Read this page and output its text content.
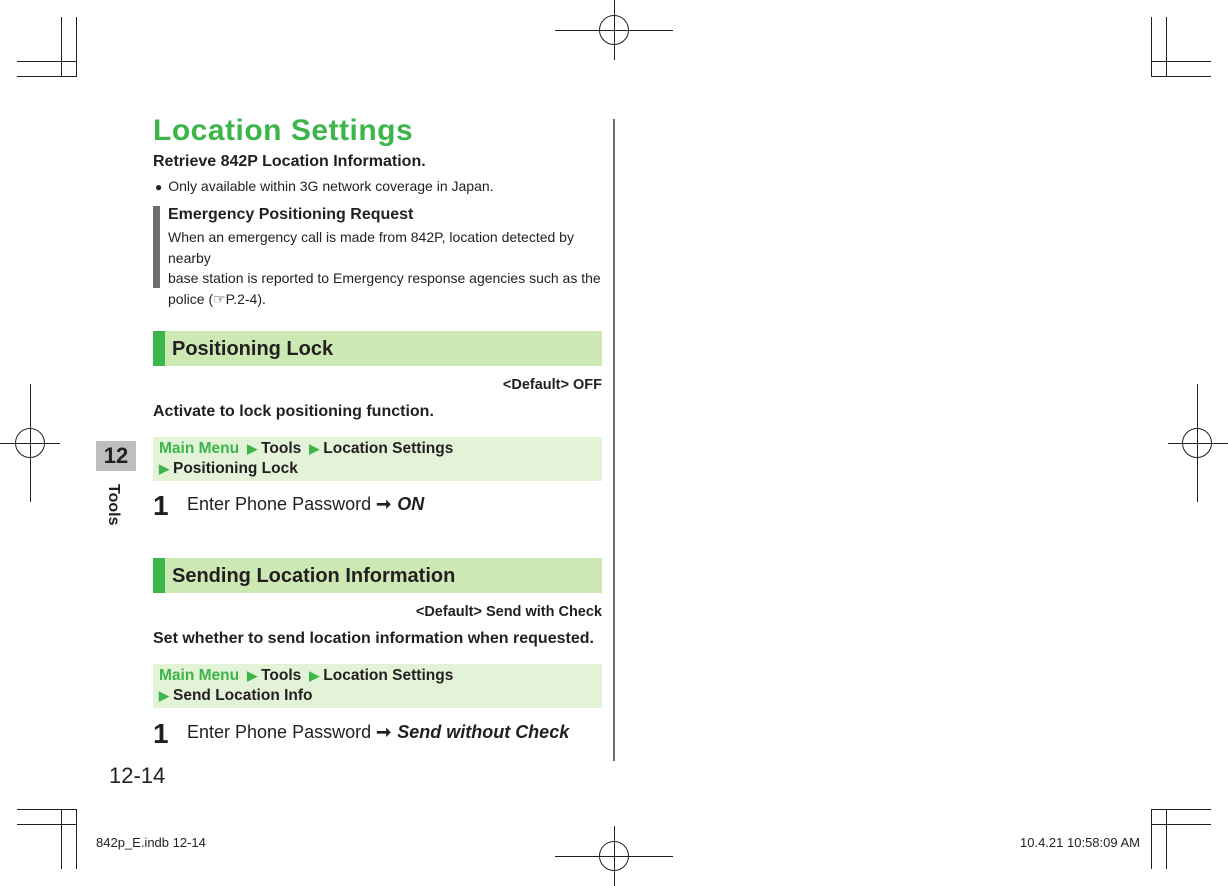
12
Tools
Location Settings
Retrieve 842P Location Information.
● Only available within 3G network coverage in Japan.
Emergency Positioning Request
When an emergency call is made from 842P, location detected by nearby
base station is reported to Emergency response agencies such as the
police (☞P.2-4).
Positioning Lock
<Default> OFF
Activate to lock positioning function.
Main Menu ▶ Tools ▶ Location Settings
▶ Positioning Lock
1 Enter Phone Password ➞ ON
Sending Location Information
<Default> Send with Check
Set whether to send location information when requested.
Main Menu ▶ Tools ▶ Location Settings
▶ Send Location Info
1 Enter Phone Password ➞ Send without Check
12-14
842p_E.indb 12-14	10.4.21 10:58:09 AM
